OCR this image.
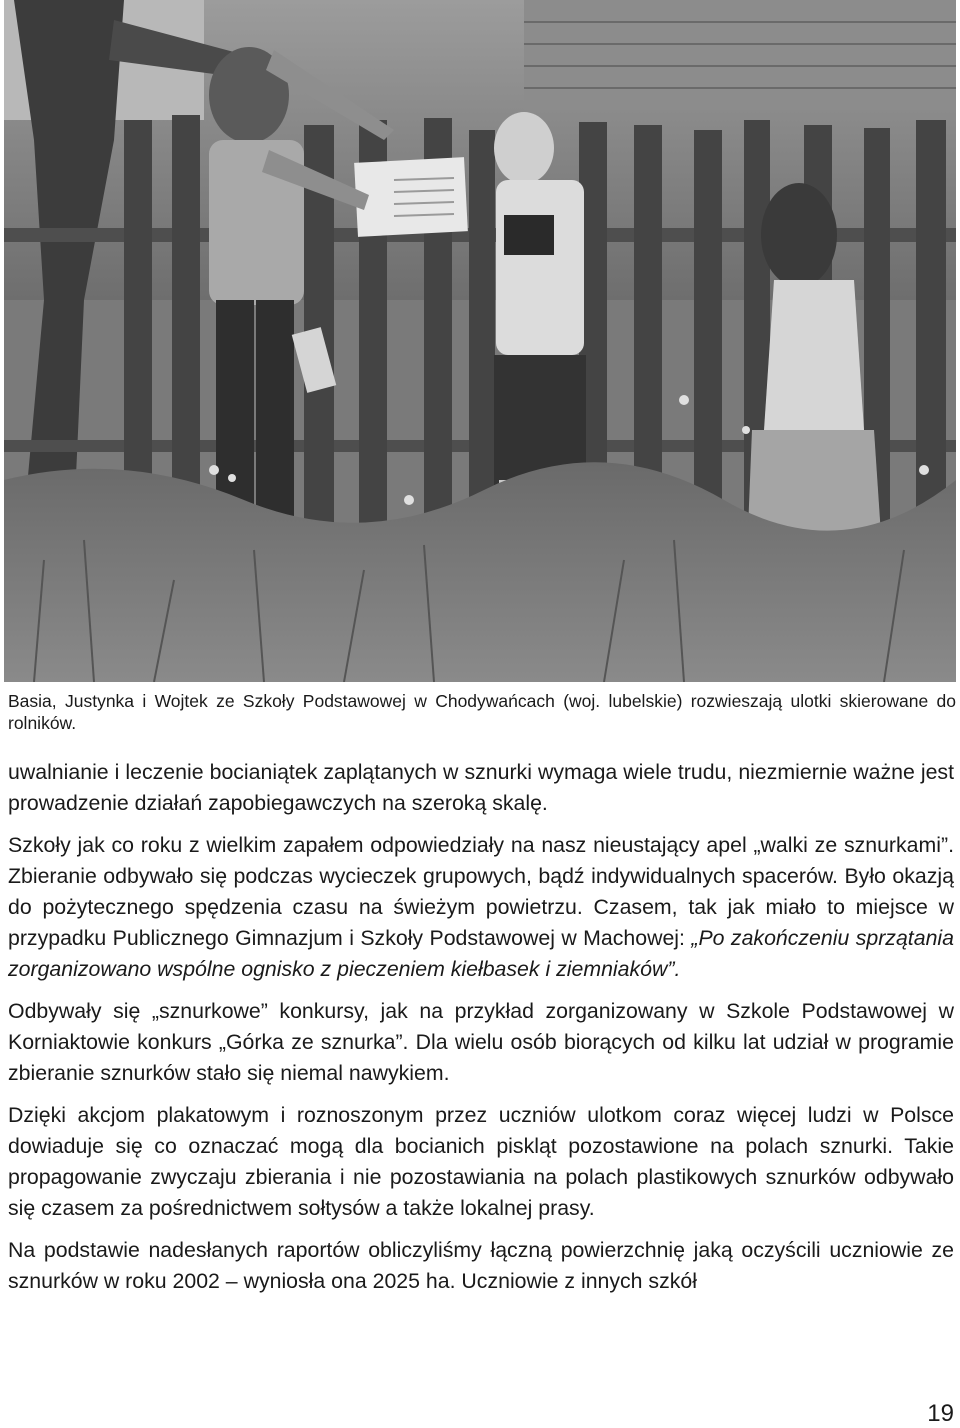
Basia, Justynka i Wojtek ze Szkoły Podstawowej w Chodywańcach (woj. lubelskie) rozwieszają ulotki skierowane do rolników.

uwalnianie i leczenie bocianiątek zaplątanych w sznurki wymaga wiele trudu, niezmiernie ważne jest prowadzenie działań zapobiegawczych na szeroką skalę.

Szkoły jak co roku z wielkim zapałem odpowiedziały na nasz nieustający apel „walki ze sznurkami”. Zbieranie odbywało się podczas wycieczek grupowych, bądź indywidualnych spacerów. Było okazją do pożytecznego spędzenia czasu na świeżym powietrzu. Czasem, tak jak miało to miejsce w przypadku Publicznego Gimnazjum i Szkoły Podstawowej w Machowej: „Po zakończeniu sprzątania zorganizowano wspólne ognisko z pieczeniem kiełbasek i ziemniaków”.

Odbywały się „sznurkowe” konkursy, jak na przykład zorganizowany w Szkole Podstawowej w Korniaktowie konkurs „Górka ze sznurka”. Dla wielu osób biorących od kilku lat udział w programie zbieranie sznurków stało się niemal nawykiem.

Dzięki akcjom plakatowym i roznoszonym przez uczniów ulotkom coraz więcej ludzi w Polsce dowiaduje się co oznaczać mogą dla bocianich piskląt pozostawione na polach sznurki. Takie propagowanie zwyczaju zbierania i nie pozostawiania na polach plastikowych sznurków odbywało się czasem za pośrednictwem sołtysów a także lokalnej prasy.

Na podstawie nadesłanych raportów obliczyliśmy łączną powierzchnię jaką oczyścili uczniowie ze sznurków w roku 2002 – wyniosła ona 2025 ha. Uczniowie z innych szkół

19
